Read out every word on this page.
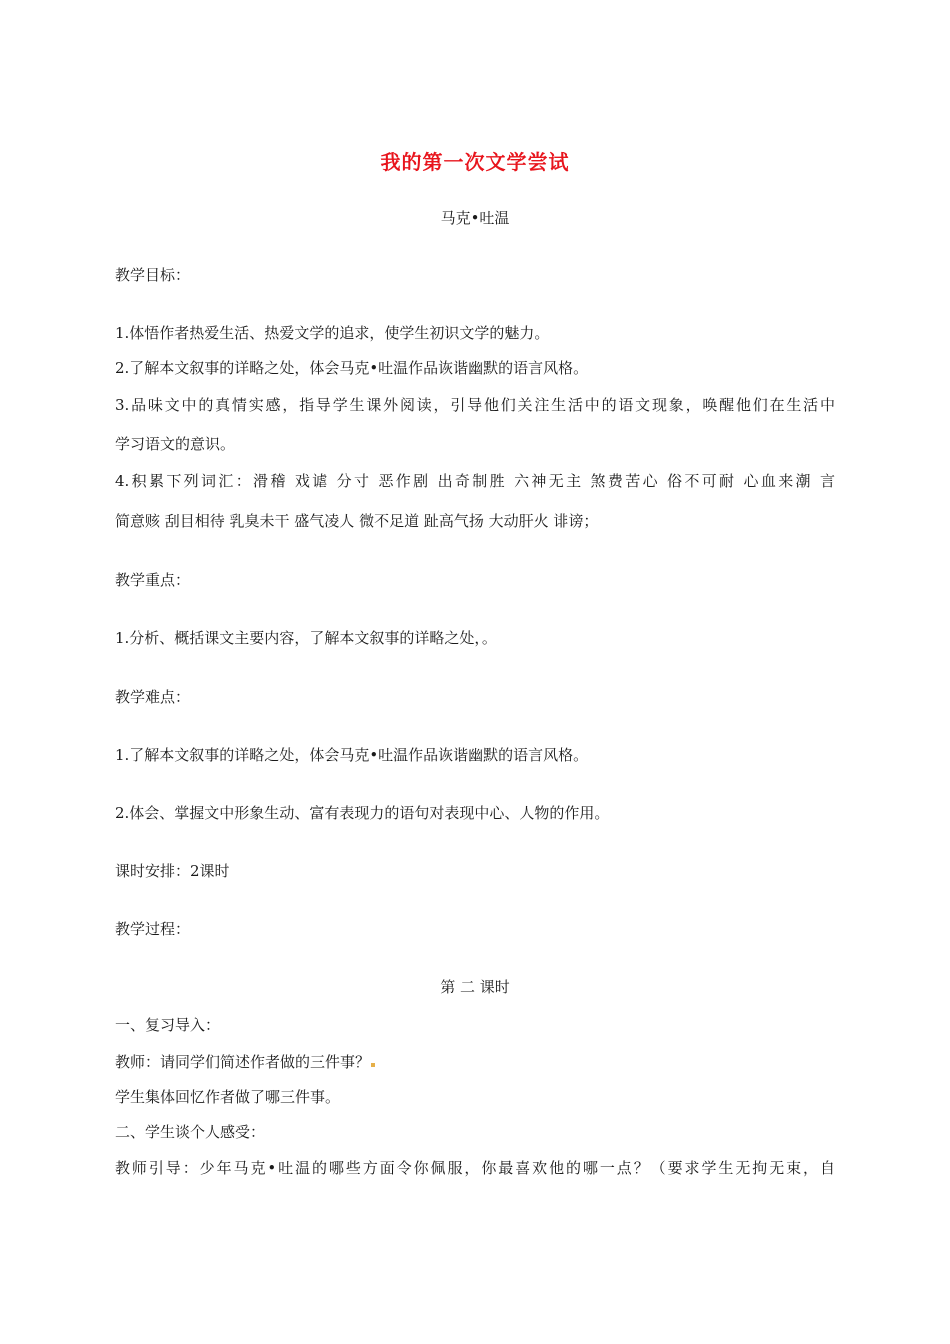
我的第一次文学尝试
马克•吐温
教学目标：
1.体悟作者热爱生活、热爱文学的追求，使学生初识文学的魅力。
2.了解本文叙事的详略之处，体会马克•吐温作品诙谐幽默的语言风格。
3.品味文中的真情实感，指导学生课外阅读，引导他们关注生活中的语文现象，唤醒他们在生活中
学习语文的意识。
4.积累下列词汇：滑稽 戏谑 分寸 恶作剧 出奇制胜 六神无主 煞费苦心 俗不可耐 心血来潮 言
简意赅 刮目相待 乳臭未干 盛气凌人 微不足道 趾高气扬 大动肝火 诽谤；
教学重点：
1.分析、概括课文主要内容，了解本文叙事的详略之处，。
教学难点：
1.了解本文叙事的详略之处，体会马克•吐温作品诙谐幽默的语言风格。
2.体会、掌握文中形象生动、富有表现力的语句对表现中心、人物的作用。
课时安排：2课时
教学过程：
第 二 课时
一、复习导入：
教师：请同学们简述作者做的三件事？
学生集体回忆作者做了哪三件事。
二、学生谈个人感受：
教师引导：少年马克•吐温的哪些方面令你佩服，你最喜欢他的哪一点？（要求学生无拘无束，自
